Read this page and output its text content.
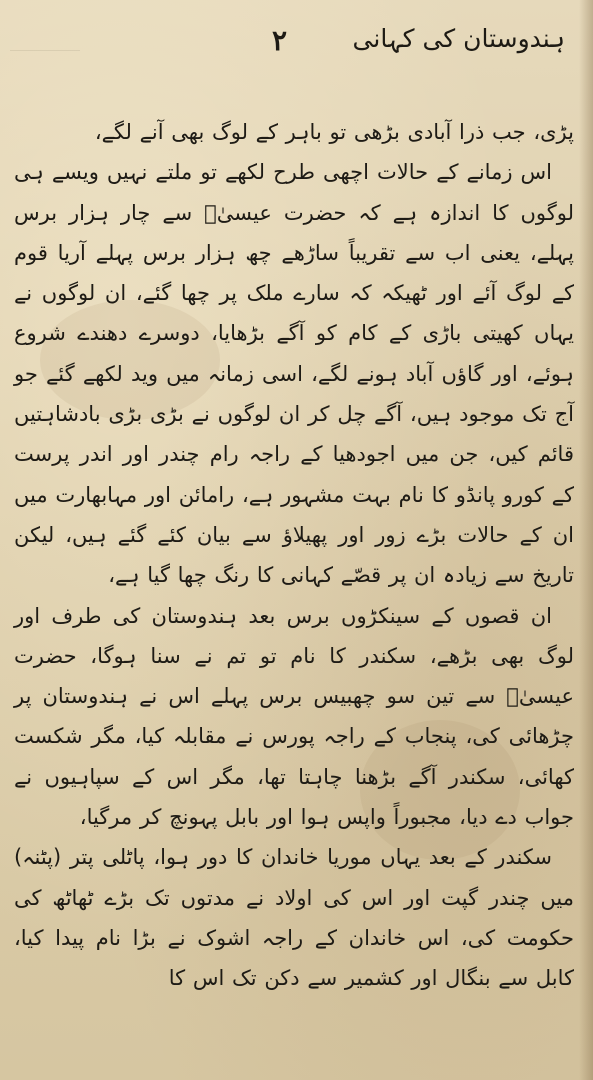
۲	ہندوستان کی کہانی

پڑی، جب ذرا آبادی بڑھی تو باہر کے لوگ بھی آنے لگے،

اس زمانے کے حالات اچھی طرح لکھے تو ملتے نہیں ویسے ہی لوگوں کا اندازہ ہے کہ حضرت عیسیٰؑ سے چار ہزار برس پہلے، یعنی اب سے تقریباً ساڑھے چھ ہزار برس پہلے آریا قوم کے لوگ آئے اور ٹھیکہ کہ سارے ملک پر چھا گئے، ان لوگوں نے یہاں کھیتی باڑی کے کام کو آگے بڑھایا، دوسرے دھندے شروع ہوئے، اور گاؤں آباد ہونے لگے، اسی زمانہ میں وید لکھے گئے جو آج تک موجود ہیں، آگے چل کر ان لوگوں نے بڑی بڑی بادشاہتیں قائم کیں، جن میں اجودھیا کے راجہ رام چندر اور اندر پرست کے کورو پانڈو کا نام بہت مشہور ہے، رامائن اور مہابھارت میں ان کے حالات بڑے زور اور پھیلاؤ سے بیان کئے گئے ہیں، لیکن تاریخ سے زیادہ ان پر قصّے کہانی کا رنگ چھا گیا ہے،

ان قصوں کے سینکڑوں برس بعد ہندوستان کی طرف اور لوگ بھی بڑھے، سکندر کا نام تو تم نے سنا ہوگا، حضرت عیسیٰؑ سے تین سو چھبیس برس پہلے اس نے ہندوستان پر چڑھائی کی، پنجاب کے راجہ پورس نے مقابلہ کیا، مگر شکست کھائی، سکندر آگے بڑھنا چاہتا تھا، مگر اس کے سپاہیوں نے جواب دے دیا، مجبوراً واپس ہوا اور بابل پہونچ کر مرگیا،

سکندر کے بعد یہاں موریا خاندان کا دور ہوا، پاٹلی پتر (پٹنہ) میں چندر گپت اور اس کی اولاد نے مدتوں تک بڑے ٹھاٹھ کی حکومت کی، اس خاندان کے راجہ اشوک نے بڑا نام پیدا کیا، کابل سے بنگال اور کشمیر سے دکن تک اس کا
